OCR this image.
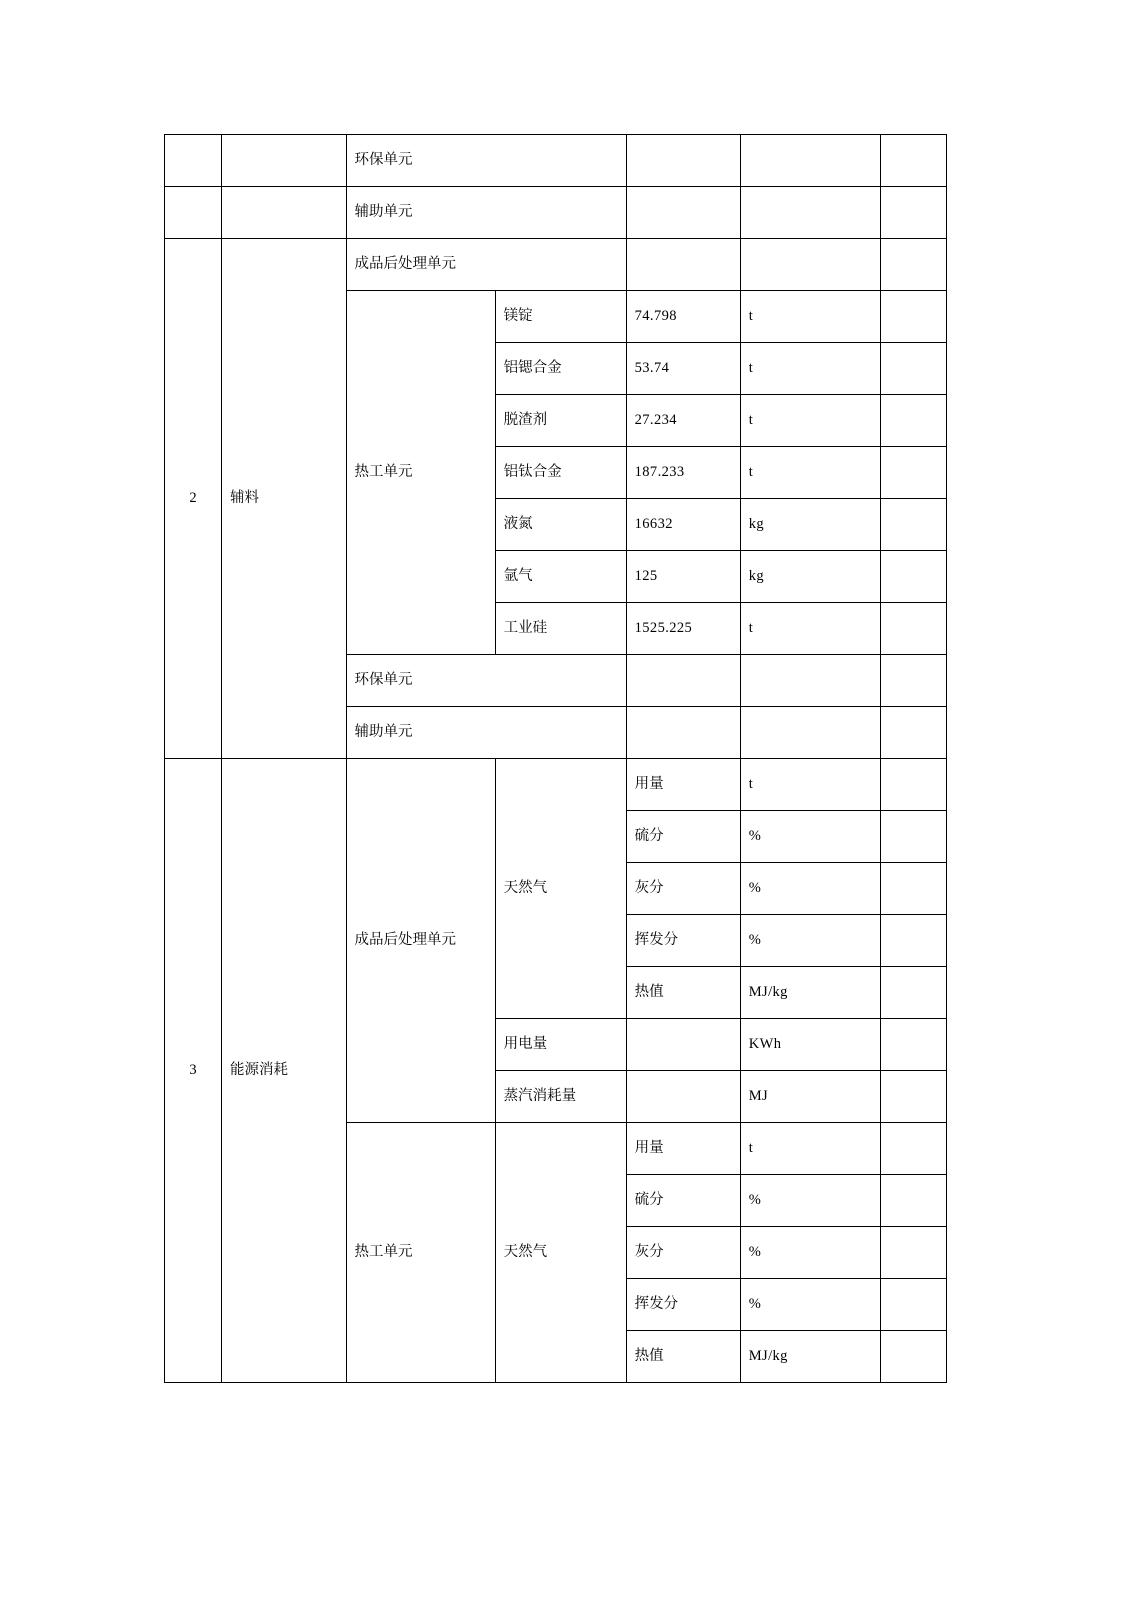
		环保单元				
		辅助单元				
2	辅料	成品后处理单元				
		热工单元	镁锭	74.798	t	
			铝锶合金	53.74	t	
			脱渣剂	27.234	t	
			铝钛合金	187.233	t	
			液氮	16632	kg	
			氩气	125	kg	
			工业硅	1525.225	t	
		环保单元				
		辅助单元				
3	能源消耗	成品后处理单元	天然气	用量	t	
				硫分	%	
				灰分	%	
				挥发分	%	
				热值	MJ/kg	
			用电量		KWh	
			蒸汽消耗量		MJ	
		热工单元	天然气	用量	t	
				硫分	%	
				灰分	%	
				挥发分	%	
				热值	MJ/kg	
